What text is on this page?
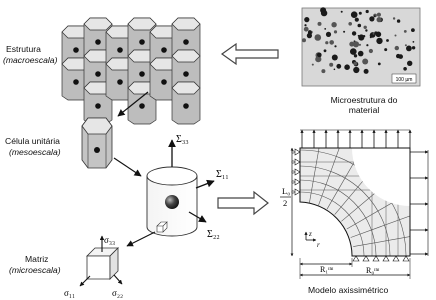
100 µm
Σ₃₃
Σ₁₁
Σ₂₂
σ₃₃
σ₁₁	σ₂₂
L₀
2
z
r
R₁ᶦⁿᶦ	R₀ᶦⁿᶦ
Estrutura
(macroescala)
Célula unitária
(mesoescala)
Matriz
(microescala)
Microestrutura do
material
Modelo axissimétrico
